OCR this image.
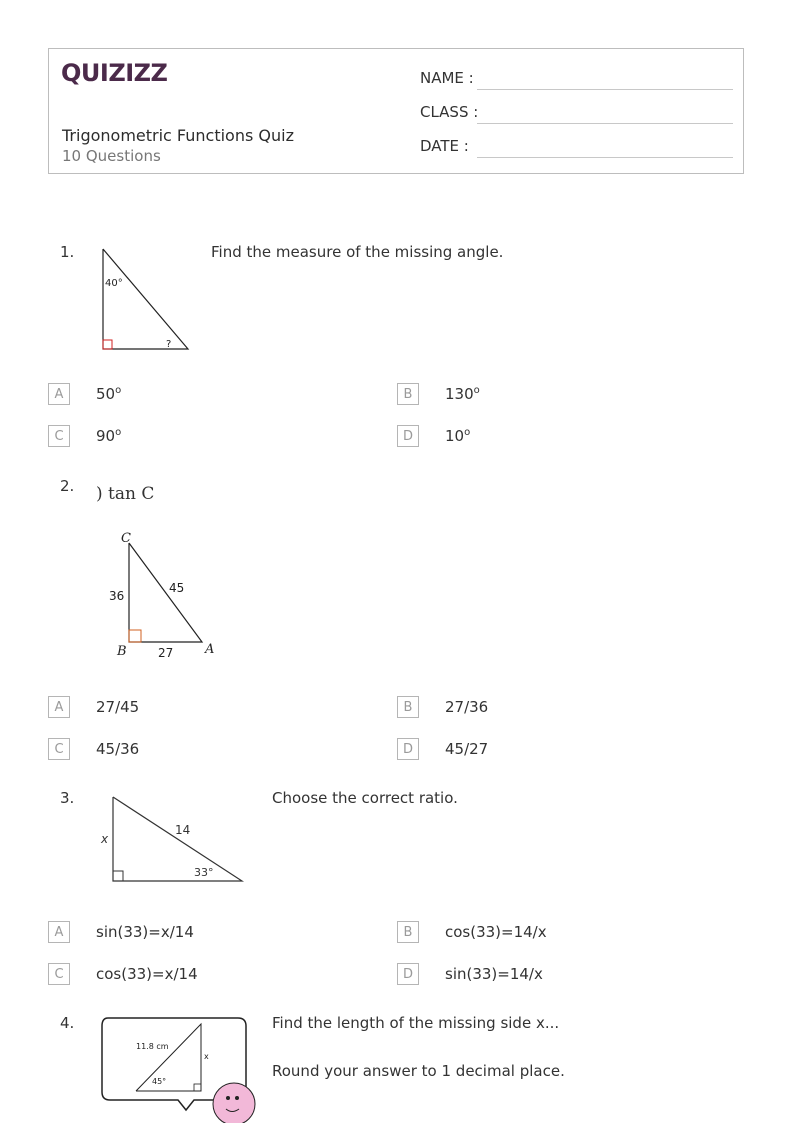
QUIZIZZ
Trigonometric Functions Quiz
10 Questions
NAME :
CLASS :
DATE :
1.
40°
?
Find the measure of the missing angle.
A	50$^o$	B	130$^o$
C	90$^o$	D	10$^o$
2. ) tan C
C
B	A
36
45
27
A	27/45	B	27/36
C	45/36	D	45/27
3.
x
14
33°
Choose the correct ratio.
A	sin(33)=x/14	B	cos(33)=14/x
C	cos(33)=x/14	D	sin(33)=14/x
4.
11.8 cm
x
45°
Find the length of the missing side x...
Round your answer to 1 decimal place.
